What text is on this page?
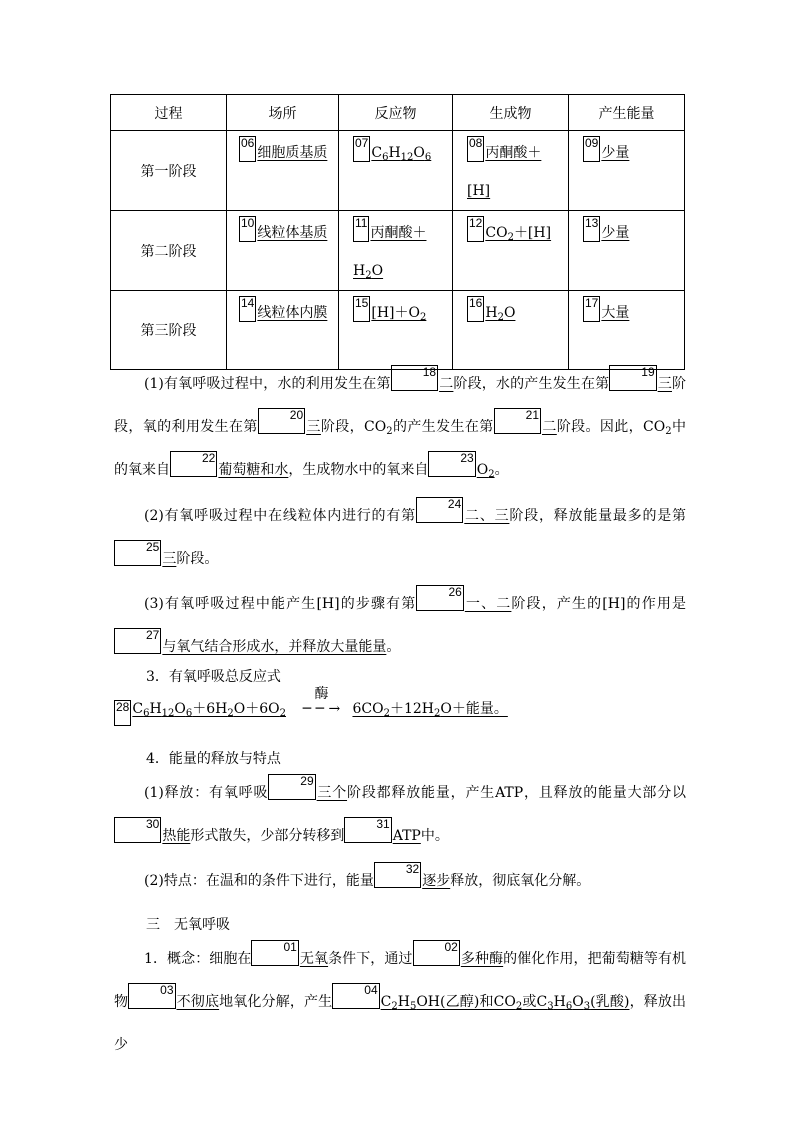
过程	场所	反应物	生成物	产生能量
第一阶段	06细胞质基质	$07C_6H_{12}O_6$	08丙酮酸＋[H]	09少量

第二阶段	10线粒体基质	11丙酮酸$+H_2O$	$12CO_2+[H]$	13少量

第三阶段	14线粒体内膜	$15[H]+O_2$	$16H_2O$	17大量
(1)有氧呼吸过程中，水的利用发生在第18二阶段，水的产生发生在第19三阶段，氧的利用发生在第20三阶段，$CO_2$的产生发生在第21二阶段。因此，$CO_2$中的氧来自22葡萄糖和水，生成物水中的氧来自$23O_2$。
(2)有氧呼吸过程中在线粒体内进行的有第24二、三阶段，释放能量最多的是第25三阶段。
(3)有氧呼吸过程中能产生[H]的步骤有第26一、二阶段，产生的[H]的作用是27与氧气结合形成水，并释放大量能量。
3．有氧呼吸总反应式
28 $C_6H_{12}O_6+6H_2O+6O_2$
酶
─ ─ → $6CO_2+12H_2O+$能量。
4．能量的释放与特点
(1)释放：有氧呼吸29三个阶段都释放能量，产生ATP，且释放的能量大部分以30热能形式散失，少部分转移到31ATP中。
(2)特点：在温和的条件下进行，能量32逐步释放，彻底氧化分解。
三　无氧呼吸
1．概念：细胞在01无氧条件下，通过02多种酶的催化作用，把葡萄糖等有机物03不彻底地氧化分解，产生$04C_2H_5OH$(乙醇)和$CO_2$或$C_3H_6O_3$(乳酸)，释放出少
